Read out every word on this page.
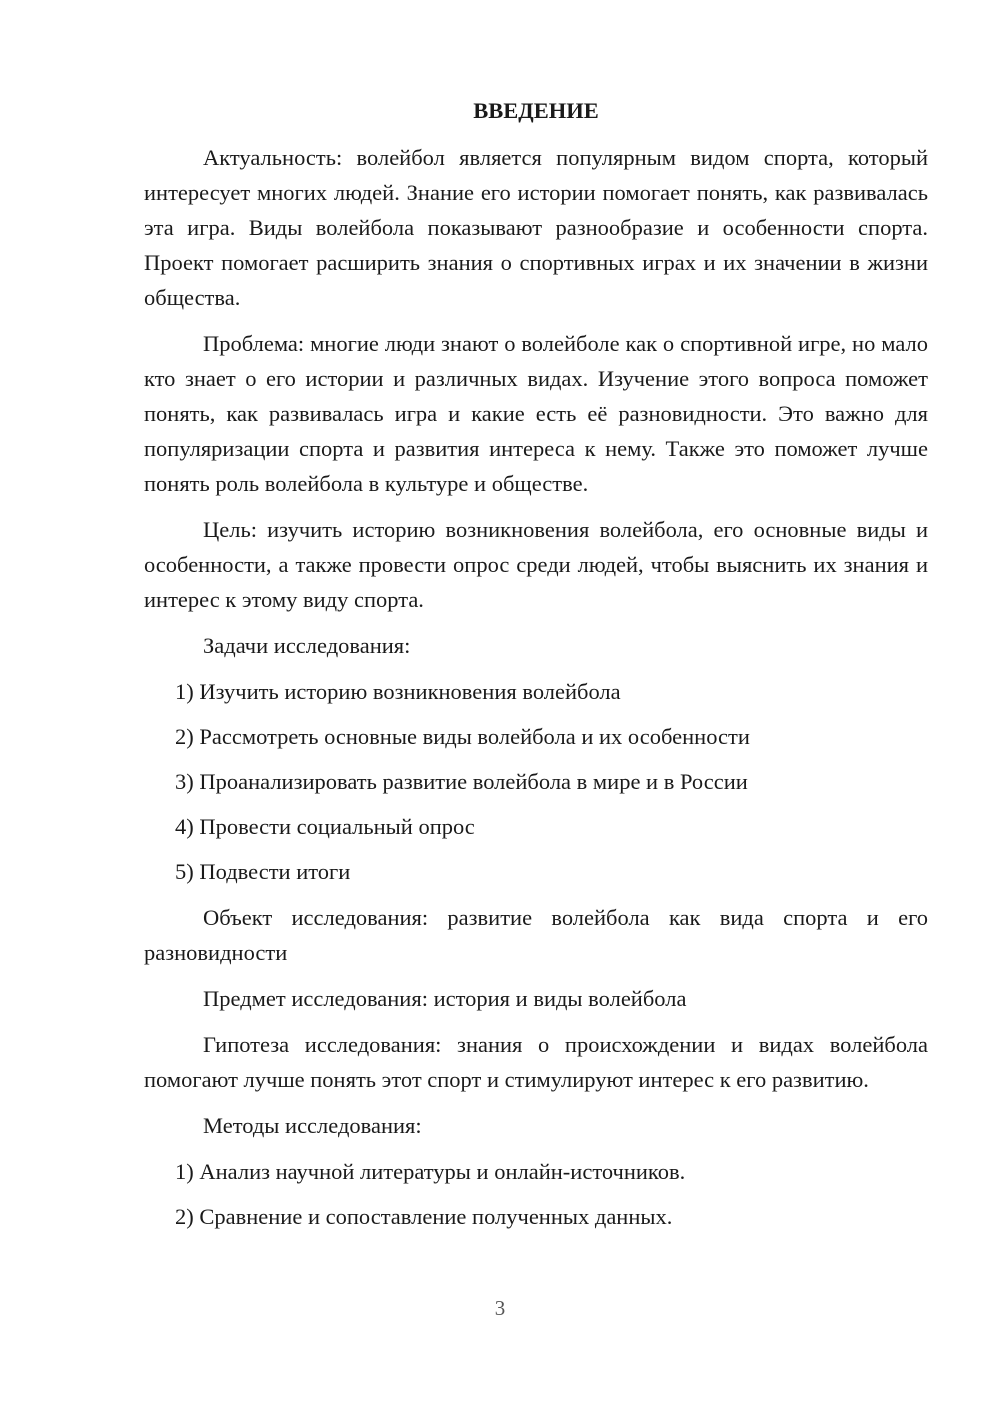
ВВЕДЕНИЕ

Актуальность: волейбол является популярным видом спорта, который интересует многих людей. Знание его истории помогает понять, как развивалась эта игра. Виды волейбола показывают разнообразие и особенности спорта. Проект помогает расширить знания о спортивных играх и их значении в жизни общества.

Проблема: многие люди знают о волейболе как о спортивной игре, но мало кто знает о его истории и различных видах. Изучение этого вопроса поможет понять, как развивалась игра и какие есть её разновидности. Это важно для популяризации спорта и развития интереса к нему. Также это поможет лучше понять роль волейбола в культуре и обществе.

Цель: изучить историю возникновения волейбола, его основные виды и особенности, а также провести опрос среди людей, чтобы выяснить их знания и интерес к этому виду спорта.

Задачи исследования:

1) Изучить историю возникновения волейбола
2) Рассмотреть основные виды волейбола и их особенности
3) Проанализировать развитие волейбола в мире и в России
4) Провести социальный опрос
5) Подвести итоги

Объект исследования: развитие волейбола как вида спорта и его разновидности

Предмет исследования: история и виды волейбола

Гипотеза исследования: знания о происхождении и видах волейбола помогают лучше понять этот спорт и стимулируют интерес к его развитию.

Методы исследования:

1) Анализ научной литературы и онлайн-источников.
2) Сравнение и сопоставление полученных данных.
3
